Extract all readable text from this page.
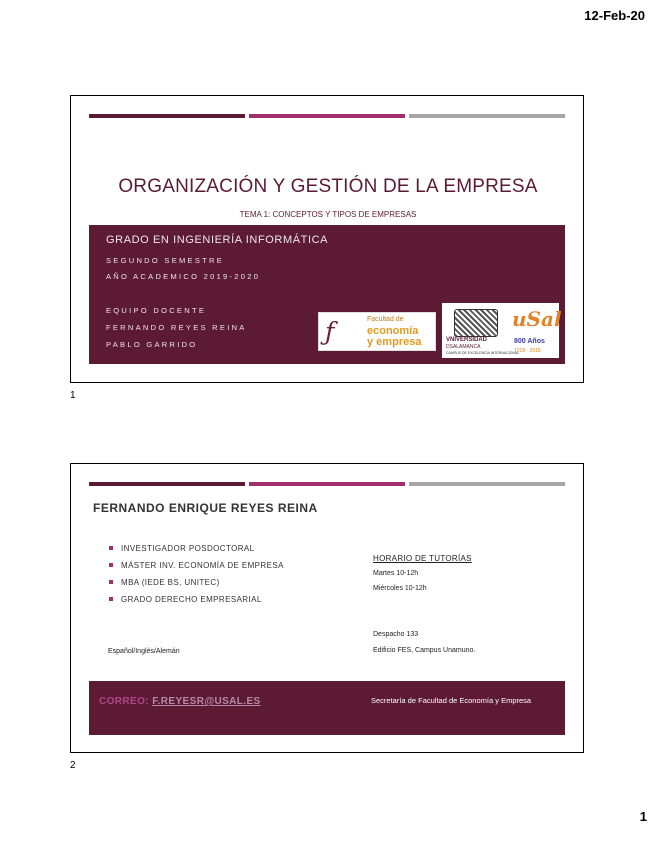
12-Feb-20
ORGANIZACIÓN Y GESTIÓN DE LA EMPRESA
TEMA 1: CONCEPTOS Y TIPOS DE EMPRESAS
GRADO EN INGENIERÍA INFORMÁTICA
SEGUNDO SEMESTRE
AÑO ACADEMICO 2019-2020
EQUIPO DOCENTE
FERNANDO REYES REINA
PABLO GARRIDO	ƒ	Facultad de
economía
y empresa	VNIVERSIDAD
DSALAMANCA
CAMPUS DE EXCELENCIA INTERNACIONAL
uSal
800 Años
1218 · 2018
1
FERNANDO ENRIQUE REYES REINA
INVESTIGADOR POSDOCTORAL
MÁSTER INV. ECONOMÍA DE EMPRESA
MBA (IEDE BS, UNITEC)
GRADO DERECHO EMPRESARIAL
Español/Inglés/Alemán
HORARIO DE TUTORÍAS
Martes 10-12h
Miércoles 10-12h
Despacho 133
Edificio FES, Campus Unamuno.
CORREO: F.REYESR@USAL.ES	Secretaría de Facultad de Economía y Empresa
2
1
